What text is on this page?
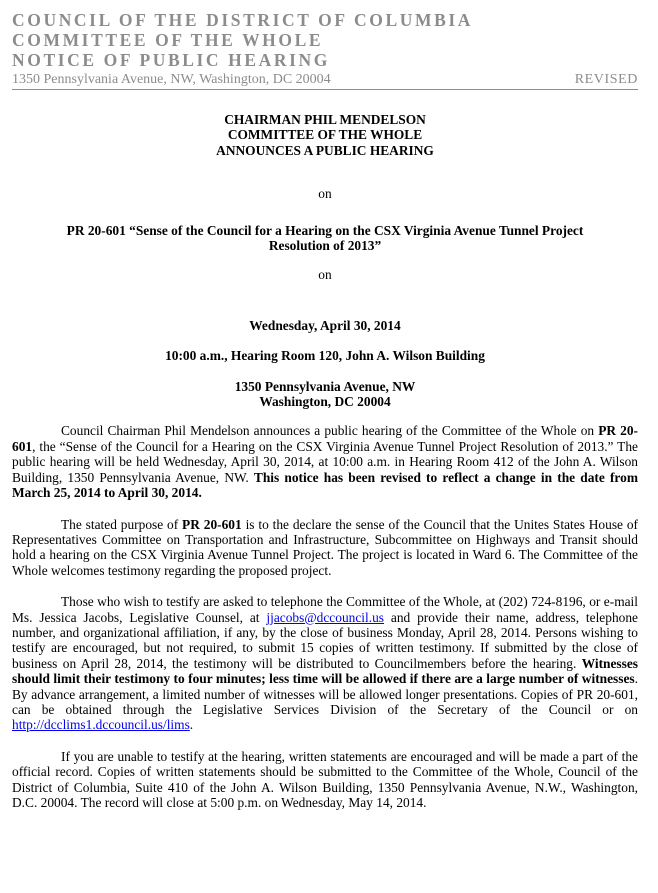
COUNCIL OF THE DISTRICT OF COLUMBIA
COMMITTEE OF THE WHOLE
NOTICE OF PUBLIC HEARING
1350 Pennsylvania Avenue, NW, Washington, DC 20004	REVISED
CHAIRMAN PHIL MENDELSON
COMMITTEE OF THE WHOLE
ANNOUNCES A PUBLIC HEARING
on
PR 20-601 “Sense of the Council for a Hearing on the CSX Virginia Avenue Tunnel Project
Resolution of 2013”
on
Wednesday, April 30, 2014
10:00 a.m., Hearing Room 120, John A. Wilson Building
1350 Pennsylvania Avenue, NW
Washington, DC 20004

Council Chairman Phil Mendelson announces a public hearing of the Committee of the Whole on PR 20-601, the “Sense of the Council for a Hearing on the CSX Virginia Avenue Tunnel Project Resolution of 2013.” The public hearing will be held Wednesday, April 30, 2014, at 10:00 a.m. in Hearing Room 412 of the John A. Wilson Building, 1350 Pennsylvania Avenue, NW. This notice has been revised to reflect a change in the date from March 25, 2014 to April 30, 2014.

The stated purpose of PR 20-601 is to the declare the sense of the Council that the Unites States House of Representatives Committee on Transportation and Infrastructure, Subcommittee on Highways and Transit should hold a hearing on the CSX Virginia Avenue Tunnel Project. The project is located in Ward 6. The Committee of the Whole welcomes testimony regarding the proposed project.

Those who wish to testify are asked to telephone the Committee of the Whole, at (202) 724-8196, or e-mail Ms. Jessica Jacobs, Legislative Counsel, at jjacobs@dccouncil.us and provide their name, address, telephone number, and organizational affiliation, if any, by the close of business Monday, April 28, 2014. Persons wishing to testify are encouraged, but not required, to submit 15 copies of written testimony. If submitted by the close of business on April 28, 2014, the testimony will be distributed to Councilmembers before the hearing. Witnesses should limit their testimony to four minutes; less time will be allowed if there are a large number of witnesses. By advance arrangement, a limited number of witnesses will be allowed longer presentations. Copies of PR 20-601, can be obtained through the Legislative Services Division of the Secretary of the Council or on http://dcclims1.dccouncil.us/lims.

If you are unable to testify at the hearing, written statements are encouraged and will be made a part of the official record. Copies of written statements should be submitted to the Committee of the Whole, Council of the District of Columbia, Suite 410 of the John A. Wilson Building, 1350 Pennsylvania Avenue, N.W., Washington, D.C. 20004. The record will close at 5:00 p.m. on Wednesday, May 14, 2014.
